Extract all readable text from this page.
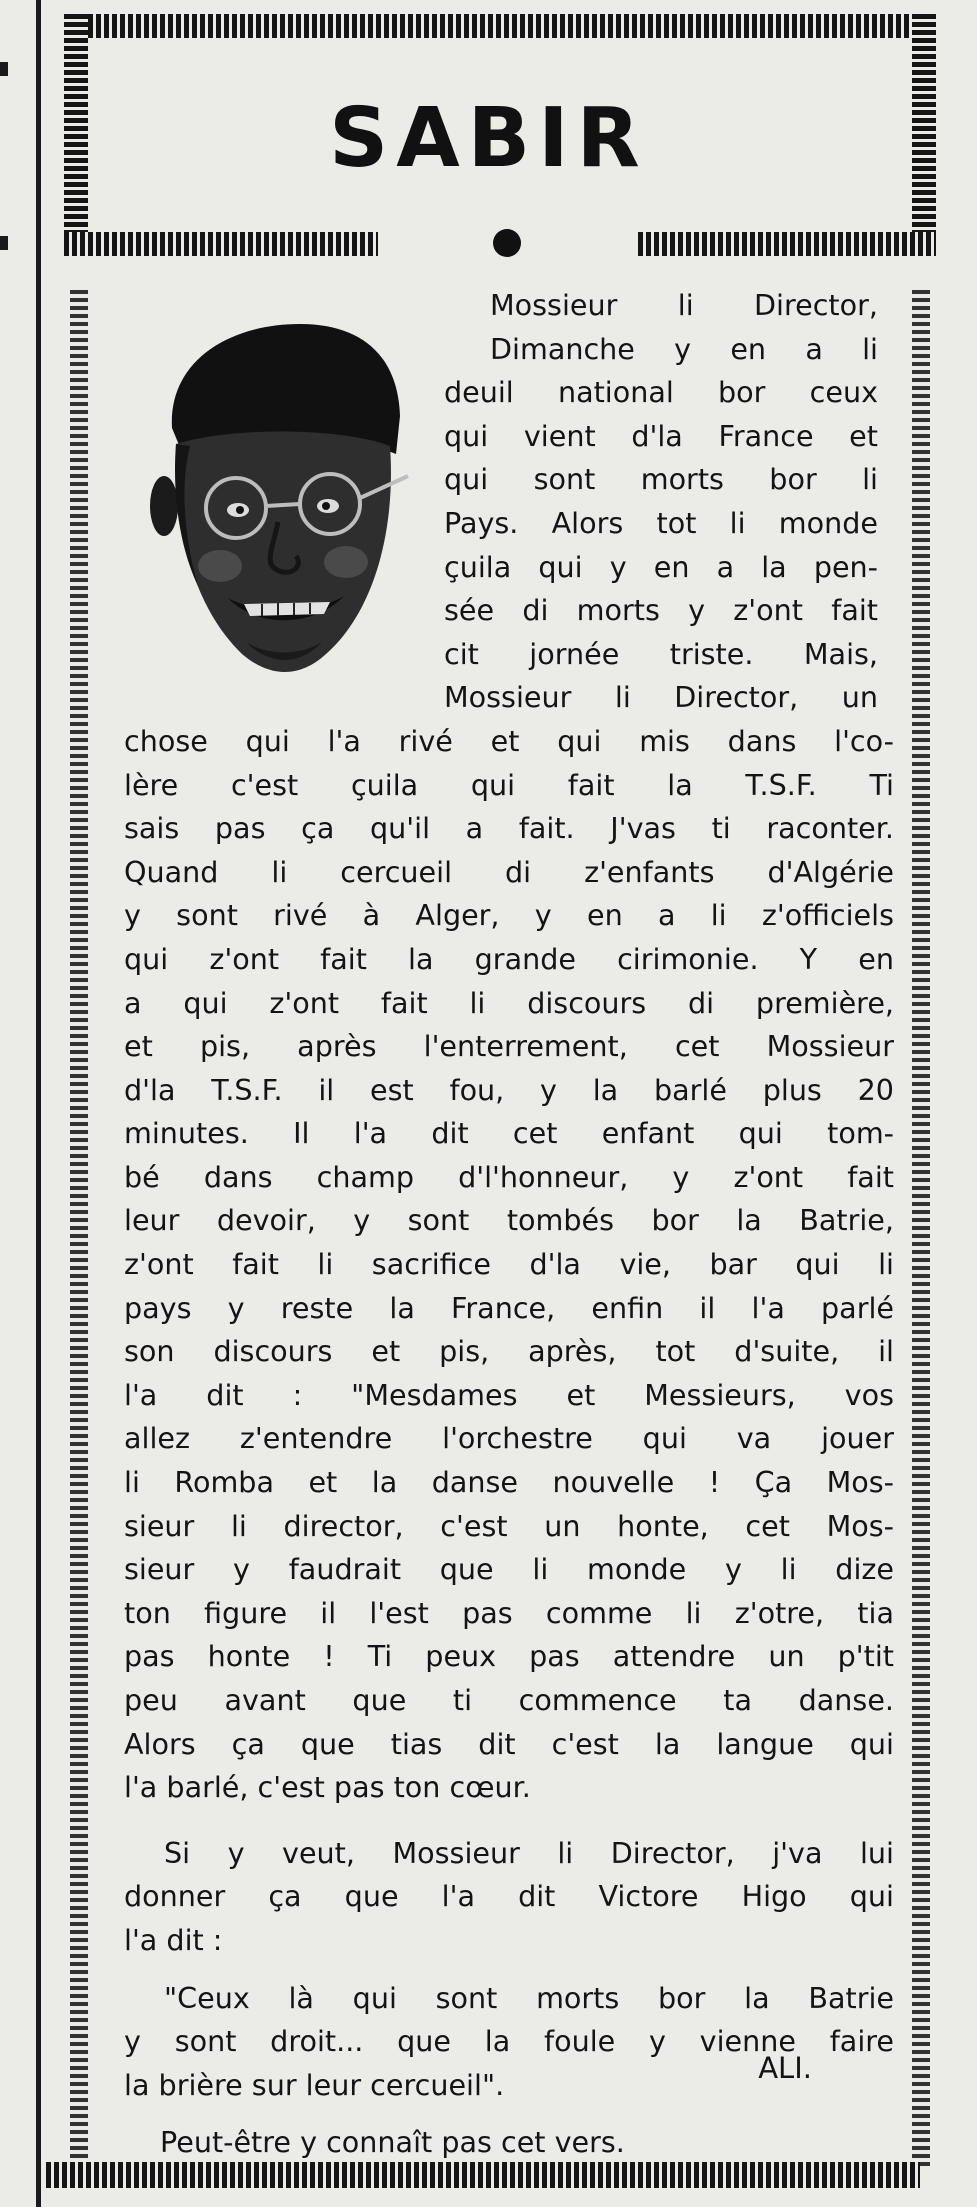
SABIR
Mossieur li Director,
Dimanche y en a li
deuil national bor ceux
qui vient d'la France et
qui sont morts bor li
Pays. Alors tot li monde
çuila qui y en a la pen-
sée di morts y z'ont fait
cit jornée triste. Mais,
Mossieur li Director, un
chose qui l'a rivé et qui mis dans l'co-
lère c'est çuila qui fait la T.S.F. Ti
sais pas ça qu'il a fait. J'vas ti raconter.
Quand li cercueil di z'enfants d'Algérie
y sont rivé à Alger, y en a li z'officiels
qui z'ont fait la grande cirimonie. Y en
a qui z'ont fait li discours di première,
et pis, après l'enterrement, cet Mossieur
d'la T.S.F. il est fou, y la barlé plus 20
minutes. Il l'a dit cet enfant qui tom-
bé dans champ d'l'honneur, y z'ont fait
leur devoir, y sont tombés bor la Batrie,
z'ont fait li sacrifice d'la vie, bar qui li
pays y reste la France, enfin il l'a parlé
son discours et pis, après, tot d'suite, il
l'a dit : "Mesdames et Messieurs, vos
allez z'entendre l'orchestre qui va jouer
li Romba et la danse nouvelle ! Ça Mos-
sieur li director, c'est un honte, cet Mos-
sieur y faudrait que li monde y li dize
ton figure il l'est pas comme li z'otre, tia
pas honte ! Ti peux pas attendre un p'tit
peu avant que ti commence ta danse.
Alors ça que tias dit c'est la langue qui
l'a barlé, c'est pas ton cœur.
Si y veut, Mossieur li Director, j'va lui
donner ça que l'a dit Victore Higo qui
l'a dit :
"Ceux là qui sont morts bor la Batrie
y sont droit... que la foule y vienne faire
la brière sur leur cercueil".
Peut-être y connaît pas cet vers.
ALI.
